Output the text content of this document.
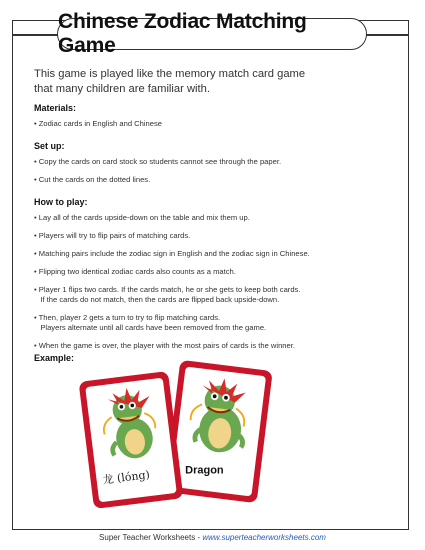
Chinese Zodiac Matching Game
This game is played like the memory match card game
that many children are familiar with.
Materials:
• Zodiac cards in English and Chinese
Set up:
• Copy the cards on card stock so students cannot see through the paper.
• Cut the cards on the dotted lines.
How to play:
• Lay all of the cards upside-down on the table and mix them up.
• Players will try to flip pairs of matching cards.
• Matching pairs include the zodiac sign in English and the zodiac sign in Chinese.
• Flipping two identical zodiac cards also counts as a match.
• Player 1 flips two cards. If the cards match, he or she gets to keep both cards.
If the cards do not match, then the cards are flipped back upside-down.
• Then, player 2 gets a turn to try to flip matching cards.
Players alternate until all cards have been removed from the game.
• When the game is over, the player with the most pairs of cards is the winner.
Example:
Dragon
龙 (lóng)
Super Teacher Worksheets - www.superteacherworksheets.com
